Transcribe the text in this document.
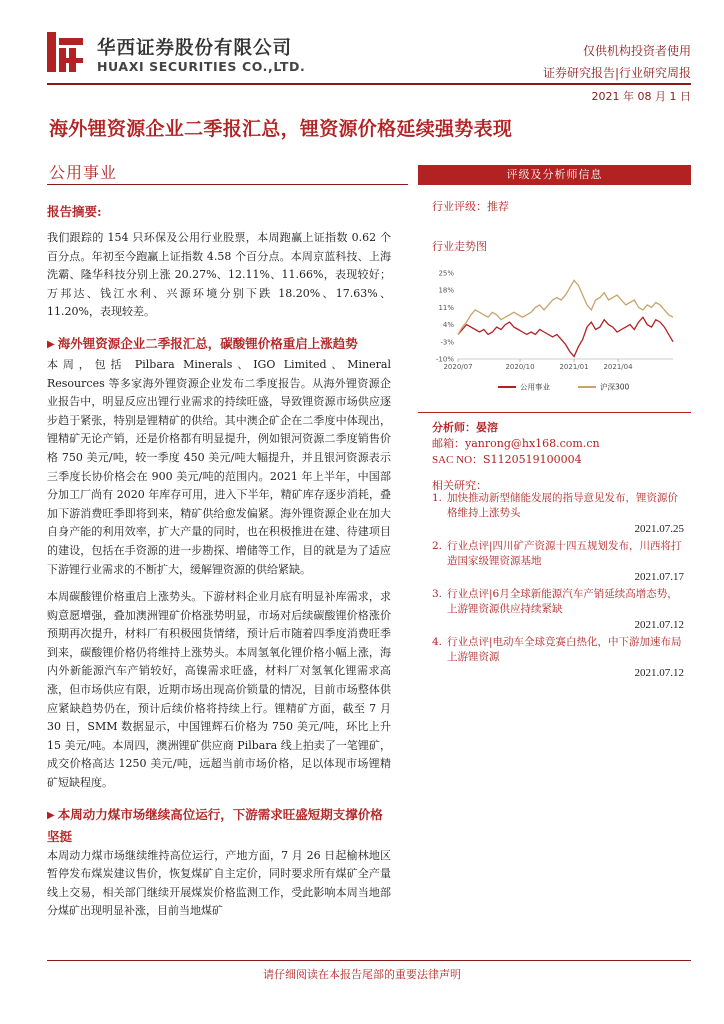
华西证券股份有限公司
HUAXI SECURITIES CO.,LTD.
仅供机构投资者使用
证券研究报告|行业研究周报
2021 年 08 月 1 日
海外锂资源企业二季报汇总，锂资源价格延续强势表现
公用事业
报告摘要:
我们跟踪的 154 只环保及公用行业股票，本周跑赢上证指数 0.62 个百分点。年初至今跑赢上证指数 4.58 个百分点。本周京蓝科技、上海洗霸、隆华科技分别上涨 20.27%、12.11%、11.66%，表现较好；万邦达、钱江水利、兴源环境分别下跌 18.20%、17.63%、11.20%，表现较差。
▶ 海外锂资源企业二季报汇总，碳酸锂价格重启上涨趋势
本周，包括 Pilbara Minerals、IGO Limited、Mineral Resources 等多家海外锂资源企业发布二季度报告。从海外锂资源企业报告中，明显反应出锂行业需求的持续旺盛，导致锂资源市场供应逐步趋于紧张，特别是锂精矿的供给。其中澳企矿企在二季度中体现出，锂精矿无论产销，还是价格都有明显提升，例如银河资源二季度销售价格 750 美元/吨，较一季度 450 美元/吨大幅提升，并且银河资源表示三季度长协价格会在 900 美元/吨的范围内。2021 年上半年，中国部分加工厂尚有 2020 年库存可用，进入下半年，精矿库存逐步消耗，叠加下游消费旺季即将到来，精矿供给愈发偏紧。海外锂资源企业在加大自身产能的利用效率，扩大产量的同时，也在积极推进在建、待建项目的建设，包括在手资源的进一步勘探、增储等工作，目的就是为了适应下游锂行业需求的不断扩大，缓解锂资源的供给紧缺。
本周碳酸锂价格重启上涨势头。下游材料企业月底有明显补库需求，求购意愿增强，叠加澳洲锂矿价格涨势明显，市场对后续碳酸锂价格涨价预期再次提升，材料厂有积极囤货情绪，预计后市随着四季度消费旺季到来，碳酸锂价格仍将维持上涨势头。本周氢氧化锂价格小幅上涨，海内外新能源汽车产销较好，高镍需求旺盛，材料厂对氢氧化锂需求高涨，但市场供应有限，近期市场出现高价锁量的情况，目前市场整体供应紧缺趋势仍在，预计后续价格将持续上行。锂精矿方面，截至 7 月 30 日，SMM 数据显示，中国锂辉石价格为 750 美元/吨，环比上升 15 美元/吨。本周四，澳洲锂矿供应商 Pilbara 线上拍卖了一笔锂矿，成交价格高达 1250 美元/吨，远超当前市场价格，足以体现市场锂精矿短缺程度。
▶ 本周动力煤市场继续高位运行，下游需求旺盛短期支撑价格坚挺
本周动力煤市场继续维持高位运行，产地方面，7 月 26 日起榆林地区暂停发布煤炭建议售价，恢复煤矿自主定价，同时要求所有煤矿全产量线上交易，相关部门继续开展煤炭价格监测工作，受此影响本周当地部分煤矿出现明显补涨，目前当地煤矿
评级及分析师信息
行业评级：推荐
行业走势图
25%
18%
11%
4%
-3%
-10%
2020/07	2020/10	2021/01 2021/04
公用事业	沪深300
分析师：晏溶
邮箱：yanrong@hx168.com.cn
SAC NO：S1120519100004
相关研究：
1. 加快推动新型储能发展的指导意见发布，锂资源价格维持上涨势头
2021.07.25
2. 行业点评|四川矿产资源十四五规划发布，川西将打造国家级锂资源基地
2021.07.17
3. 行业点评|6月全球新能源汽车产销延续高增态势，上游锂资源供应持续紧缺
2021.07.12
4. 行业点评|电动车全球竞赛白热化，中下游加速布局上游锂资源
2021.07.12
请仔细阅读在本报告尾部的重要法律声明
